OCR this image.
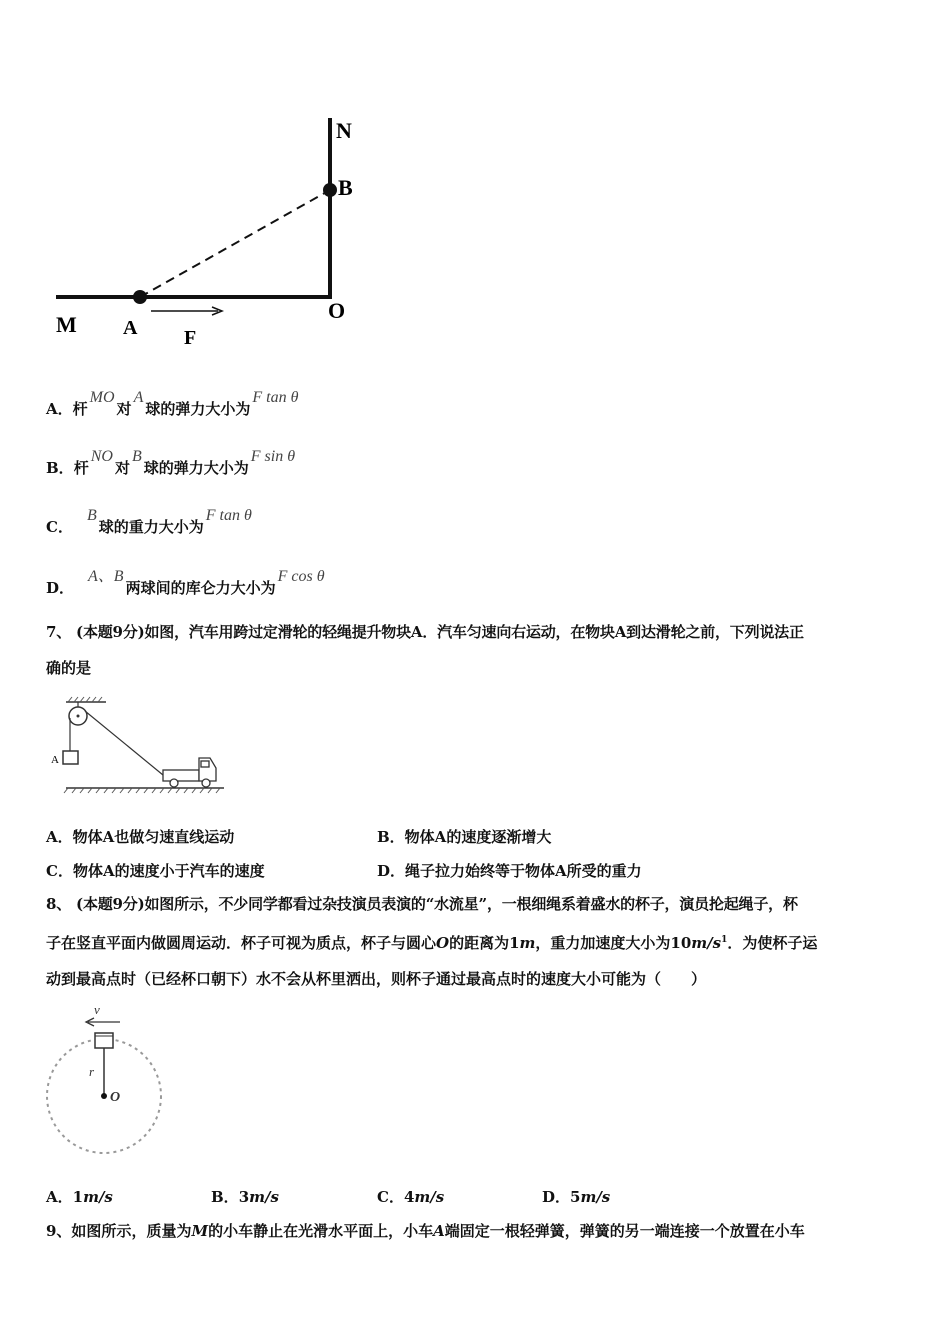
N
B
M A
O
F
A．杆MO对A球的弹力大小为F tan θ
B．杆NO对B球的弹力大小为F sin θ
C．B球的重力大小为F tan θ
D．A、B两球间的库仑力大小为F cos θ
7、 (本题9分)如图，汽车用跨过定滑轮的轻绳提升物块A．汽车匀速向右运动，在物块A到达滑轮之前，下列说法正
确的是
A
A．物体A也做匀速直线运动	B．物体A的速度逐渐增大
C．物体A的速度小于汽车的速度	D．绳子拉力始终等于物体A所受的重力
8、 (本题9分)如图所示，不少同学都看过杂技演员表演的“水流星”，一根细绳系着盛水的杯子，演员抡起绳子，杯
子在竖直平面内做圆周运动．杯子可视为质点，杯子与圆心O的距离为1m，重力加速度大小为$10m/s^1$．为使杯子运
动到最高点时（已经杯口朝下）水不会从杯里洒出，则杯子通过最高点时的速度大小可能为（　　）
v
r
O
A．1m/s	B．3m/s	C．4m/s	D．5m/s
9、如图所示，质量为M的小车静止在光滑水平面上，小车A端固定一根轻弹簧，弹簧的另一端连接一个放置在小车
